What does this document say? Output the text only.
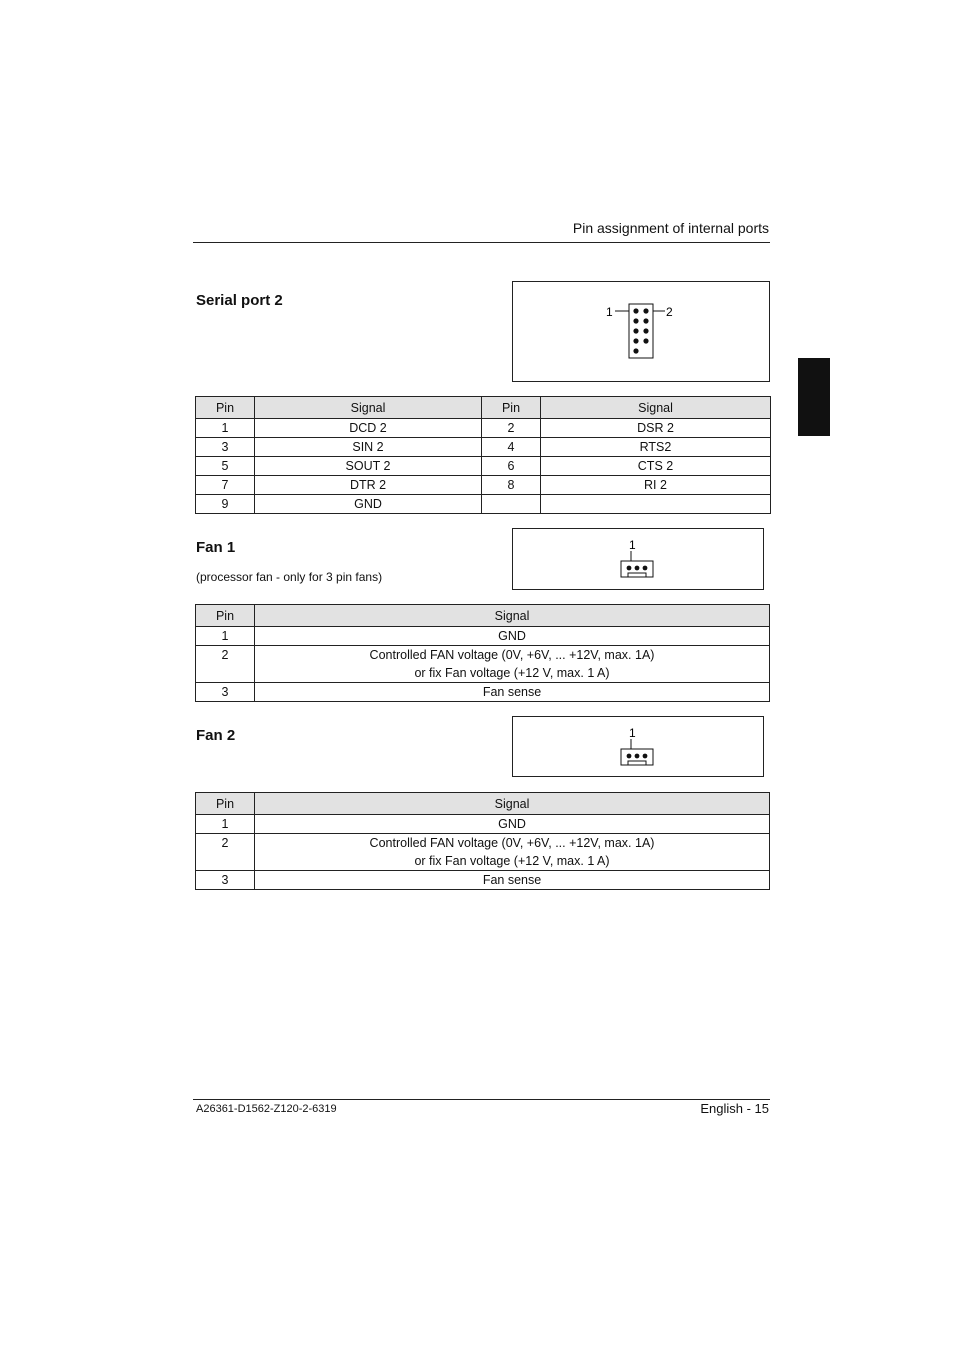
Pin assignment of internal ports
Serial port 2
1	2
Pin	Signal	Pin	Signal
1	DCD 2	2	DSR 2
3	SIN 2	4	RTS2
5	SOUT 2	6	CTS 2
7	DTR 2	8	RI 2
9	GND		
Fan 1
(processor fan - only for 3 pin fans)
1
Pin	Signal
1	GND
2	Controlled FAN voltage (0V, +6V, ... +12V, max. 1A)
or fix Fan voltage (+12 V, max. 1 A)

3	Fan sense
Fan 2	1
Pin	Signal
1	GND
2	Controlled FAN voltage (0V, +6V, ... +12V, max. 1A)
or fix Fan voltage (+12 V, max. 1 A)

3	Fan sense
A26361-D1562-Z120-2-6319	English - 15
